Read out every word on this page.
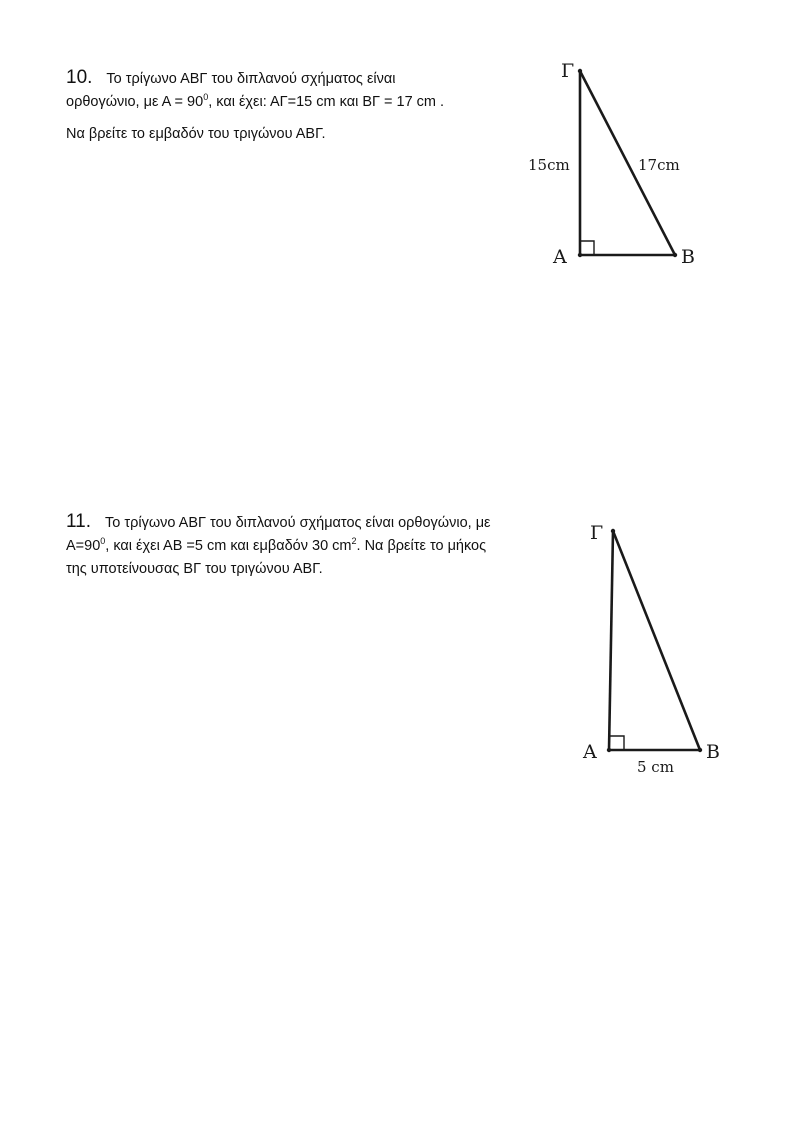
10. Το τρίγωνο ΑΒΓ του διπλανού σχήματος είναι
ορθογώνιο, με $A = 90^0$, και έχει: ΑΓ=15 cm και ΒΓ = 17 cm .
Να βρείτε το εμβαδόν του τριγώνου ΑΒΓ.
Γ
Α	Β
15cm	17cm
11. Το τρίγωνο ΑΒΓ του διπλανού σχήματος είναι ορθογώνιο, με
$A=90^0$, και έχει ΑΒ =5 cm και εμβαδόν 30 $cm^2$. Να βρείτε το μήκος
της υποτείνουσας ΒΓ του τριγώνου ΑΒΓ.
Γ
Α	Β
5 cm
